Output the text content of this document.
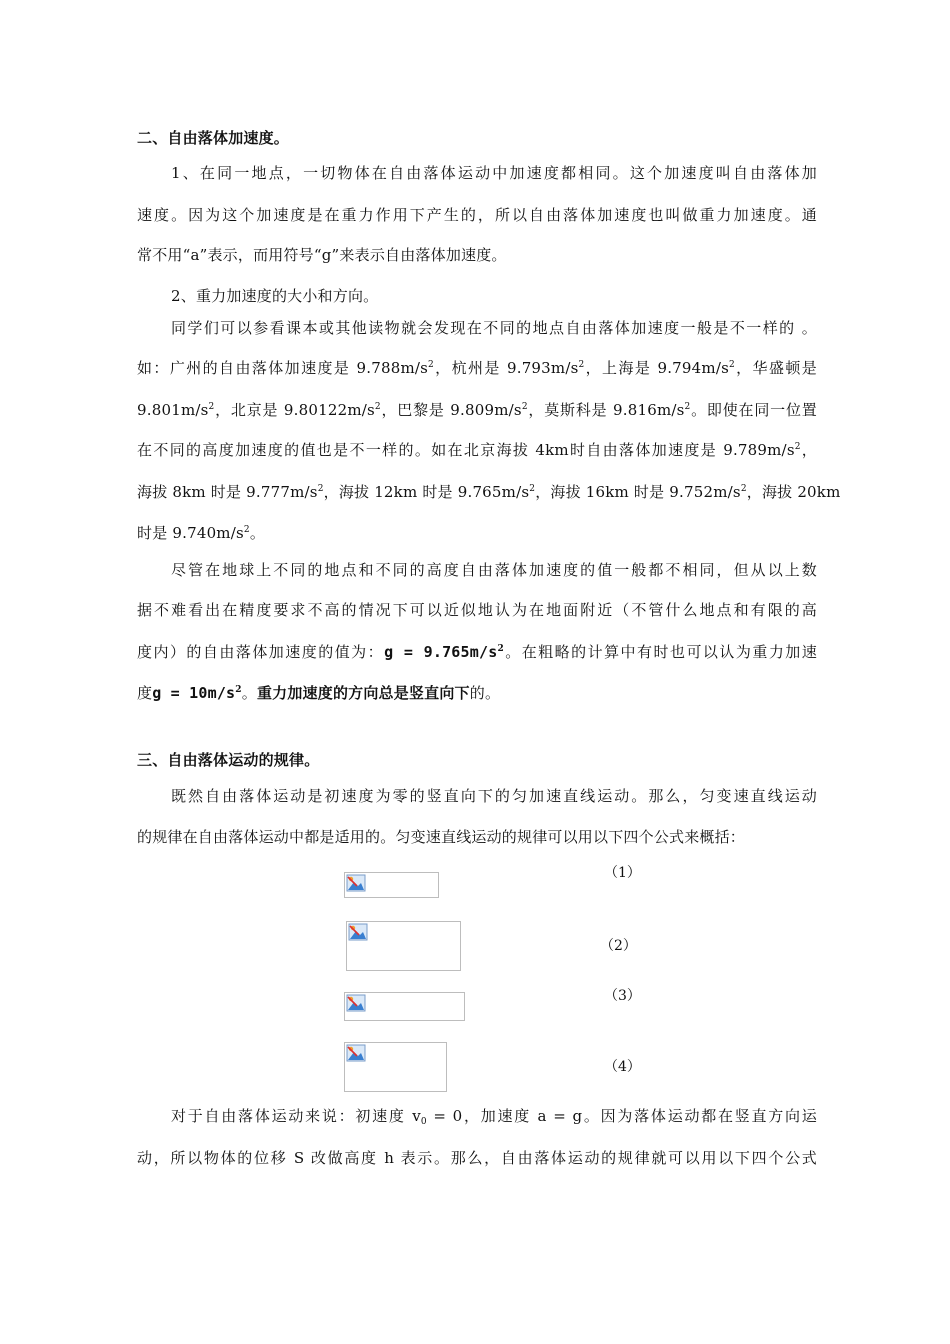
二、自由落体加速度。
1、在同一地点，一切物体在自由落体运动中加速度都相同。这个加速度叫自由落体加
速度。因为这个加速度是在重力作用下产生的，所以自由落体加速度也叫做重力加速度。通
常不用“a”表示，而用符号“g”来表示自由落体加速度。
2、重力加速度的大小和方向。
同学们可以参看课本或其他读物就会发现在不同的地点自由落体加速度一般是不一样的 。
如：广州的自由落体加速度是 $9.788m/s^2$，杭州是 $9.793m/s^2$，上海是 $9.794m/s^2$，华盛顿是
$9.801m/s^2$，北京是 $9.80122m/s^2$，巴黎是 $9.809m/s^2$，莫斯科是 $9.816m/s^2$。即使在同一位置
在不同的高度加速度的值也是不一样的。如在北京海拔 4km时自由落体加速度是 $9.789m/s^2$，
海拔 8km 时是 $9.777m/s^2$，海拔 12km 时是 $9.765m/s^2$，海拔 16km 时是 $9.752m/s^2$，海拔 20km
时是 $9.740m/s^2$。
尽管在地球上不同的地点和不同的高度自由落体加速度的值一般都不相同，但从以上数
据不难看出在精度要求不高的情况下可以近似地认为在地面附近（不管什么地点和有限的高
度内）的自由落体加速度的值为：$g = 9.765m/s^2$。在粗略的计算中有时也可以认为重力加速
度$g = 10m/s^2$。重力加速度的方向总是竖直向下的。
三、自由落体运动的规律。
既然自由落体运动是初速度为零的竖直向下的匀加速直线运动。那么，匀变速直线运动
的规律在自由落体运动中都是适用的。匀变速直线运动的规律可以用以下四个公式来概括：
（1）
（2）
（3）
（4）
对于自由落体运动来说：初速度 $v_0 = 0$，加速度 a = g。因为落体运动都在竖直方向运
动，所以物体的位移 S 改做高度 h 表示。那么，自由落体运动的规律就可以用以下四个公式
